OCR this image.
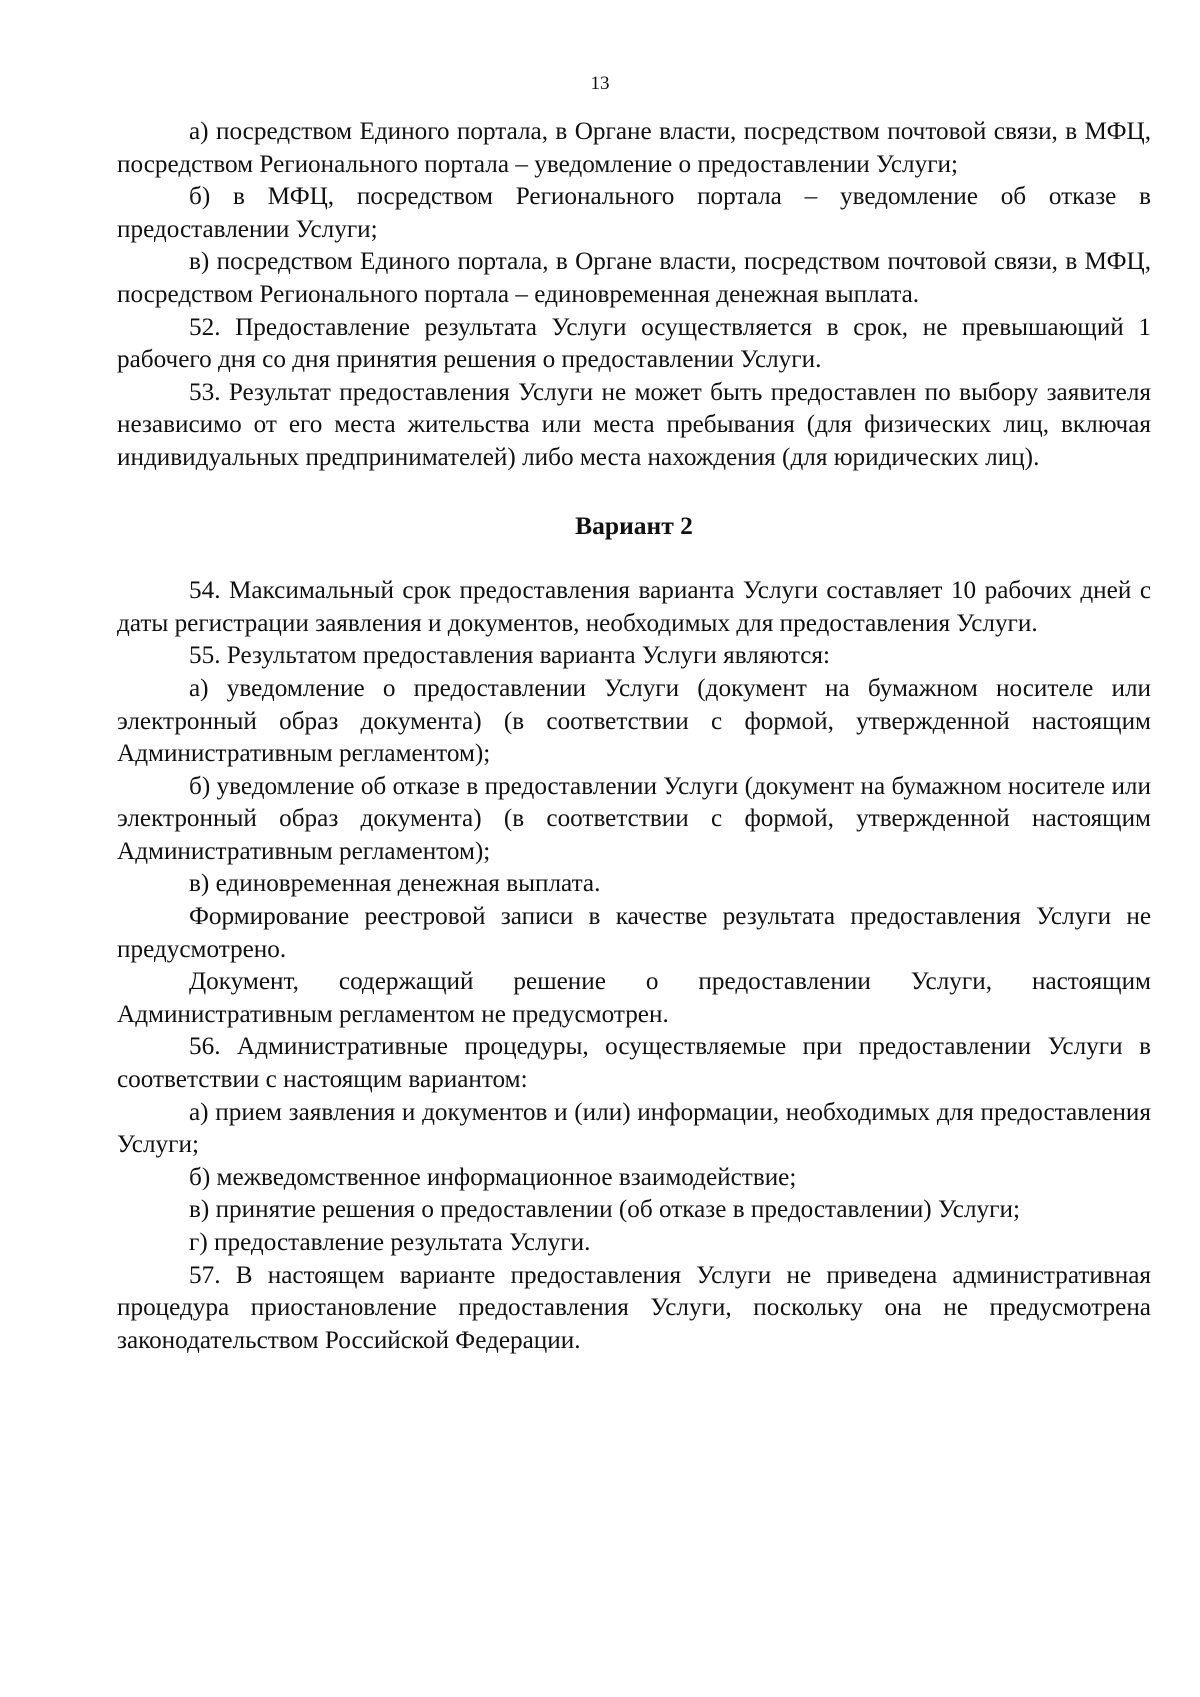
13

а) посредством Единого портала, в Органе власти, посредством почтовой связи, в МФЦ, посредством Регионального портала – уведомление о предоставлении Услуги;

б) в МФЦ, посредством Регионального портала – уведомление об отказе в предоставлении Услуги;

в) посредством Единого портала, в Органе власти, посредством почтовой связи, в МФЦ, посредством Регионального портала – единовременная денежная выплата.

52. Предоставление результата Услуги осуществляется в срок, не превышающий 1 рабочего дня со дня принятия решения о предоставлении Услуги.

53. Результат предоставления Услуги не может быть предоставлен по выбору заявителя независимо от его места жительства или места пребывания (для физических лиц, включая индивидуальных предпринимателей) либо места нахождения (для юридических лиц).

Вариант 2

54. Максимальный срок предоставления варианта Услуги составляет 10 рабочих дней с даты регистрации заявления и документов, необходимых для предоставления Услуги.

55. Результатом предоставления варианта Услуги являются:

а) уведомление о предоставлении Услуги (документ на бумажном носителе или электронный образ документа) (в соответствии с формой, утвержденной настоящим Административным регламентом);

б) уведомление об отказе в предоставлении Услуги (документ на бумажном носителе или электронный образ документа) (в соответствии с формой, утвержденной настоящим Административным регламентом);

в) единовременная денежная выплата.

Формирование реестровой записи в качестве результата предоставления Услуги не предусмотрено.

Документ, содержащий решение о предоставлении Услуги, настоящим Административным регламентом не предусмотрен.

56. Административные процедуры, осуществляемые при предоставлении Услуги в соответствии с настоящим вариантом:

а) прием заявления и документов и (или) информации, необходимых для предоставления Услуги;

б) межведомственное информационное взаимодействие;

в) принятие решения о предоставлении (об отказе в предоставлении) Услуги;

г) предоставление результата Услуги.

57. В настоящем варианте предоставления Услуги не приведена административная процедура приостановление предоставления Услуги, поскольку она не предусмотрена законодательством Российской Федерации.
